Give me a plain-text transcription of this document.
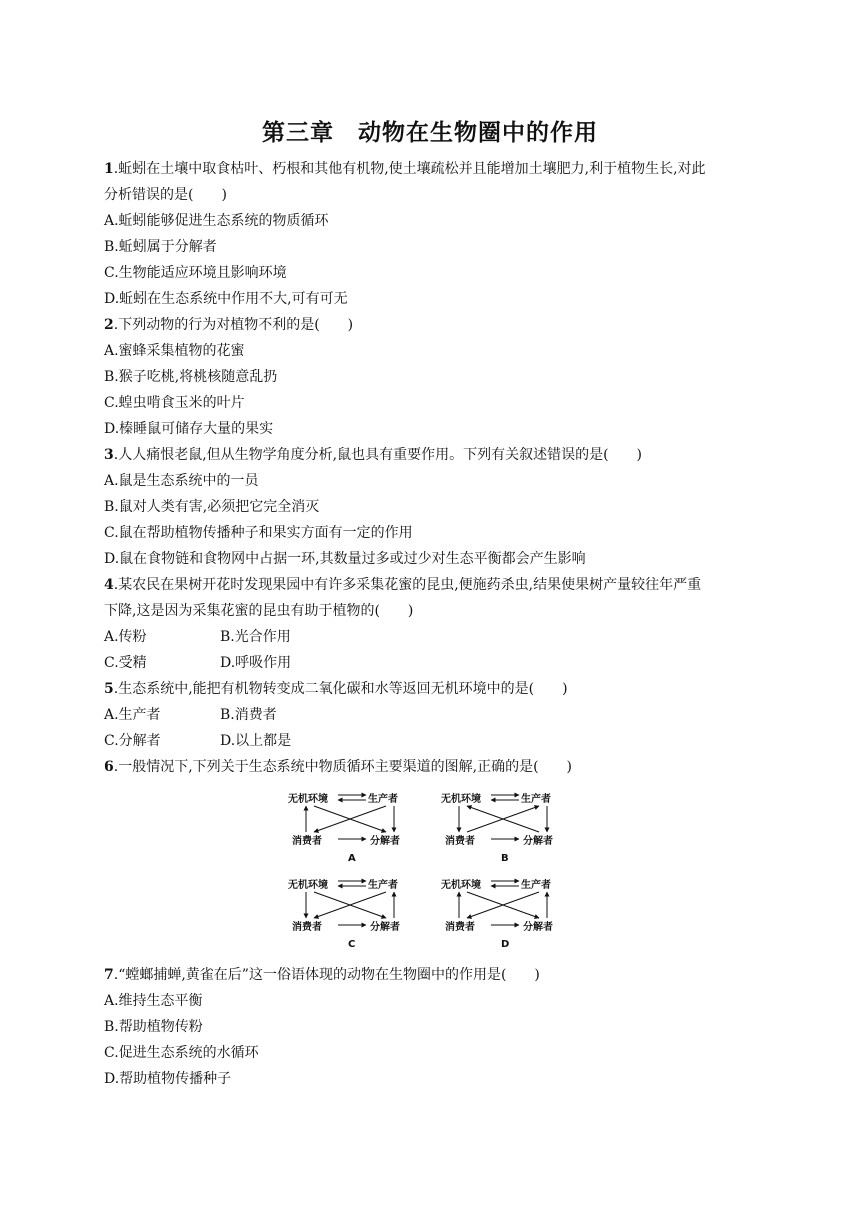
第三章　动物在生物圈中的作用
1.蚯蚓在土壤中取食枯叶、朽根和其他有机物,使土壤疏松并且能增加土壤肥力,利于植物生长,对此
分析错误的是(　　)
A.蚯蚓能够促进生态系统的物质循环
B.蚯蚓属于分解者
C.生物能适应环境且影响环境
D.蚯蚓在生态系统中作用不大,可有可无
2.下列动物的行为对植物不利的是(　　)
A.蜜蜂采集植物的花蜜
B.猴子吃桃,将桃核随意乱扔
C.蝗虫啃食玉米的叶片
D.榛睡鼠可储存大量的果实
3.人人痛恨老鼠,但从生物学角度分析,鼠也具有重要作用。下列有关叙述错误的是(　　)
A.鼠是生态系统中的一员
B.鼠对人类有害,必须把它完全消灭
C.鼠在帮助植物传播种子和果实方面有一定的作用
D.鼠在食物链和食物网中占据一环,其数量过多或过少对生态平衡都会产生影响
4.某农民在果树开花时发现果园中有许多采集花蜜的昆虫,便施药杀虫,结果使果树产量较往年严重
下降,这是因为采集花蜜的昆虫有助于植物的(　　)
A.传粉	B.光合作用
C.受精	D.呼吸作用
5.生态系统中,能把有机物转变成二氧化碳和水等返回无机环境中的是(　　)
A.生产者	B.消费者
C.分解者	D.以上都是
6.一般情况下,下列关于生态系统中物质循环主要渠道的图解,正确的是(　　)
无机环境	生产者
消费者	分解者
A
无机环境	生产者
消费者	分解者
B
无机环境	生产者
消费者	分解者
C
无机环境	生产者
消费者	分解者
D
7.“螳螂捕蝉,黄雀在后”这一俗语体现的动物在生物圈中的作用是(　　)
A.维持生态平衡
B.帮助植物传粉
C.促进生态系统的水循环
D.帮助植物传播种子
